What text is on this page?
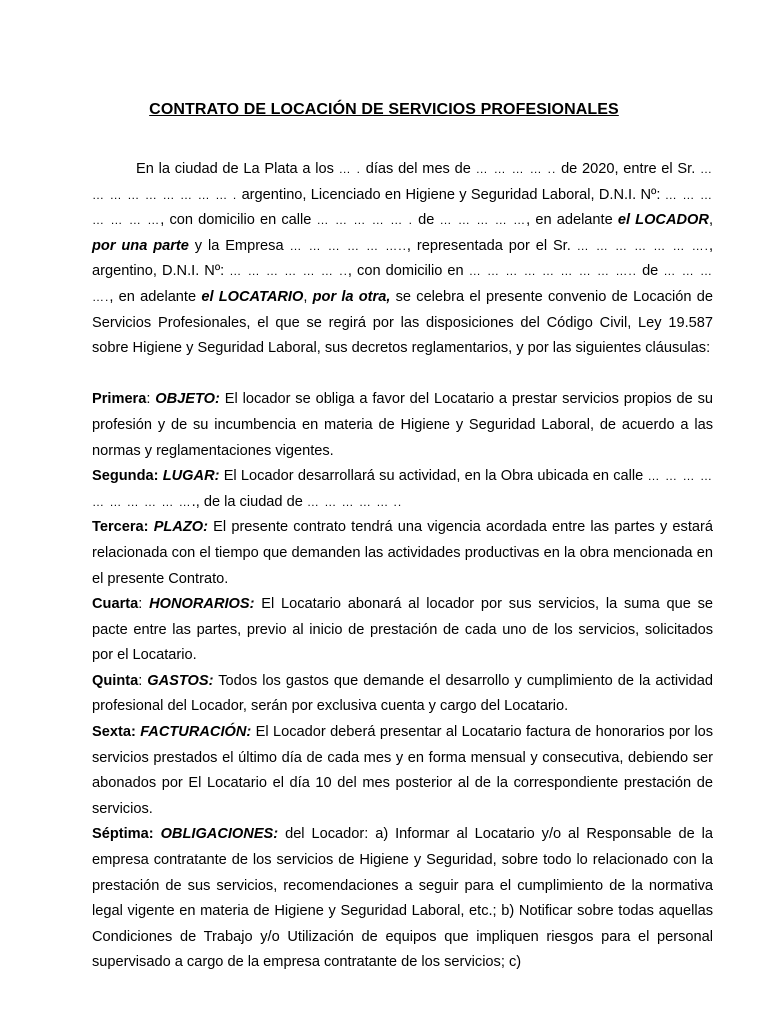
CONTRATO DE LOCACIÓN DE SERVICIOS PROFESIONALES

En la ciudad de La Plata a los … . días del mes de … … … … .. de 2020, entre el Sr. … … … … … … … … … . argentino, Licenciado en Higiene y Seguridad Laboral, D.N.I. Nº: … … … … … … …, con domicilio en calle … … … … … . de … … … … …, en adelante el LOCADOR, por una parte y la Empresa … … … … … ….., representada por el Sr. … … … … … … …., argentino, D.N.I. Nº: … … … … … … .., con domicilio en … … … … … … … … ….. de … … … …., en adelante el LOCATARIO, por la otra, se celebra el presente convenio de Locación de Servicios Profesionales, el que se regirá por las disposiciones del Código Civil, Ley 19.587 sobre Higiene y Seguridad Laboral, sus decretos reglamentarios, y por las siguientes cláusulas:

Primera: OBJETO: El locador se obliga a favor del Locatario a prestar servicios propios de su profesión y de su incumbencia en materia de Higiene y Seguridad Laboral, de acuerdo a las normas y reglamentaciones vigentes.

Segunda: LUGAR: El Locador desarrollará su actividad, en la Obra ubicada en calle … … … … … … … … … …., de la ciudad de … … … … … ..

Tercera: PLAZO: El presente contrato tendrá una vigencia acordada entre las partes y estará relacionada con el tiempo que demanden las actividades productivas en la obra mencionada en el presente Contrato.

Cuarta: HONORARIOS: El Locatario abonará al locador por sus servicios, la suma que se pacte entre las partes, previo al inicio de prestación de cada uno de los servicios, solicitados por el Locatario.

Quinta: GASTOS: Todos los gastos que demande el desarrollo y cumplimiento de la actividad profesional del Locador, serán por exclusiva cuenta y cargo del Locatario.

Sexta: FACTURACIÓN: El Locador deberá presentar al Locatario factura de honorarios por los servicios prestados el último día de cada mes y en forma mensual y consecutiva, debiendo ser abonados por El Locatario el día 10 del mes posterior al de la correspondiente prestación de servicios.

Séptima: OBLIGACIONES: del Locador: a) Informar al Locatario y/o al Responsable de la empresa contratante de los servicios de Higiene y Seguridad, sobre todo lo relacionado con la prestación de sus servicios, recomendaciones a seguir para el cumplimiento de la normativa legal vigente en materia de Higiene y Seguridad Laboral, etc.; b) Notificar sobre todas aquellas Condiciones de Trabajo y/o Utilización de equipos que impliquen riesgos para el personal supervisado a cargo de la empresa contratante de los servicios; c)
